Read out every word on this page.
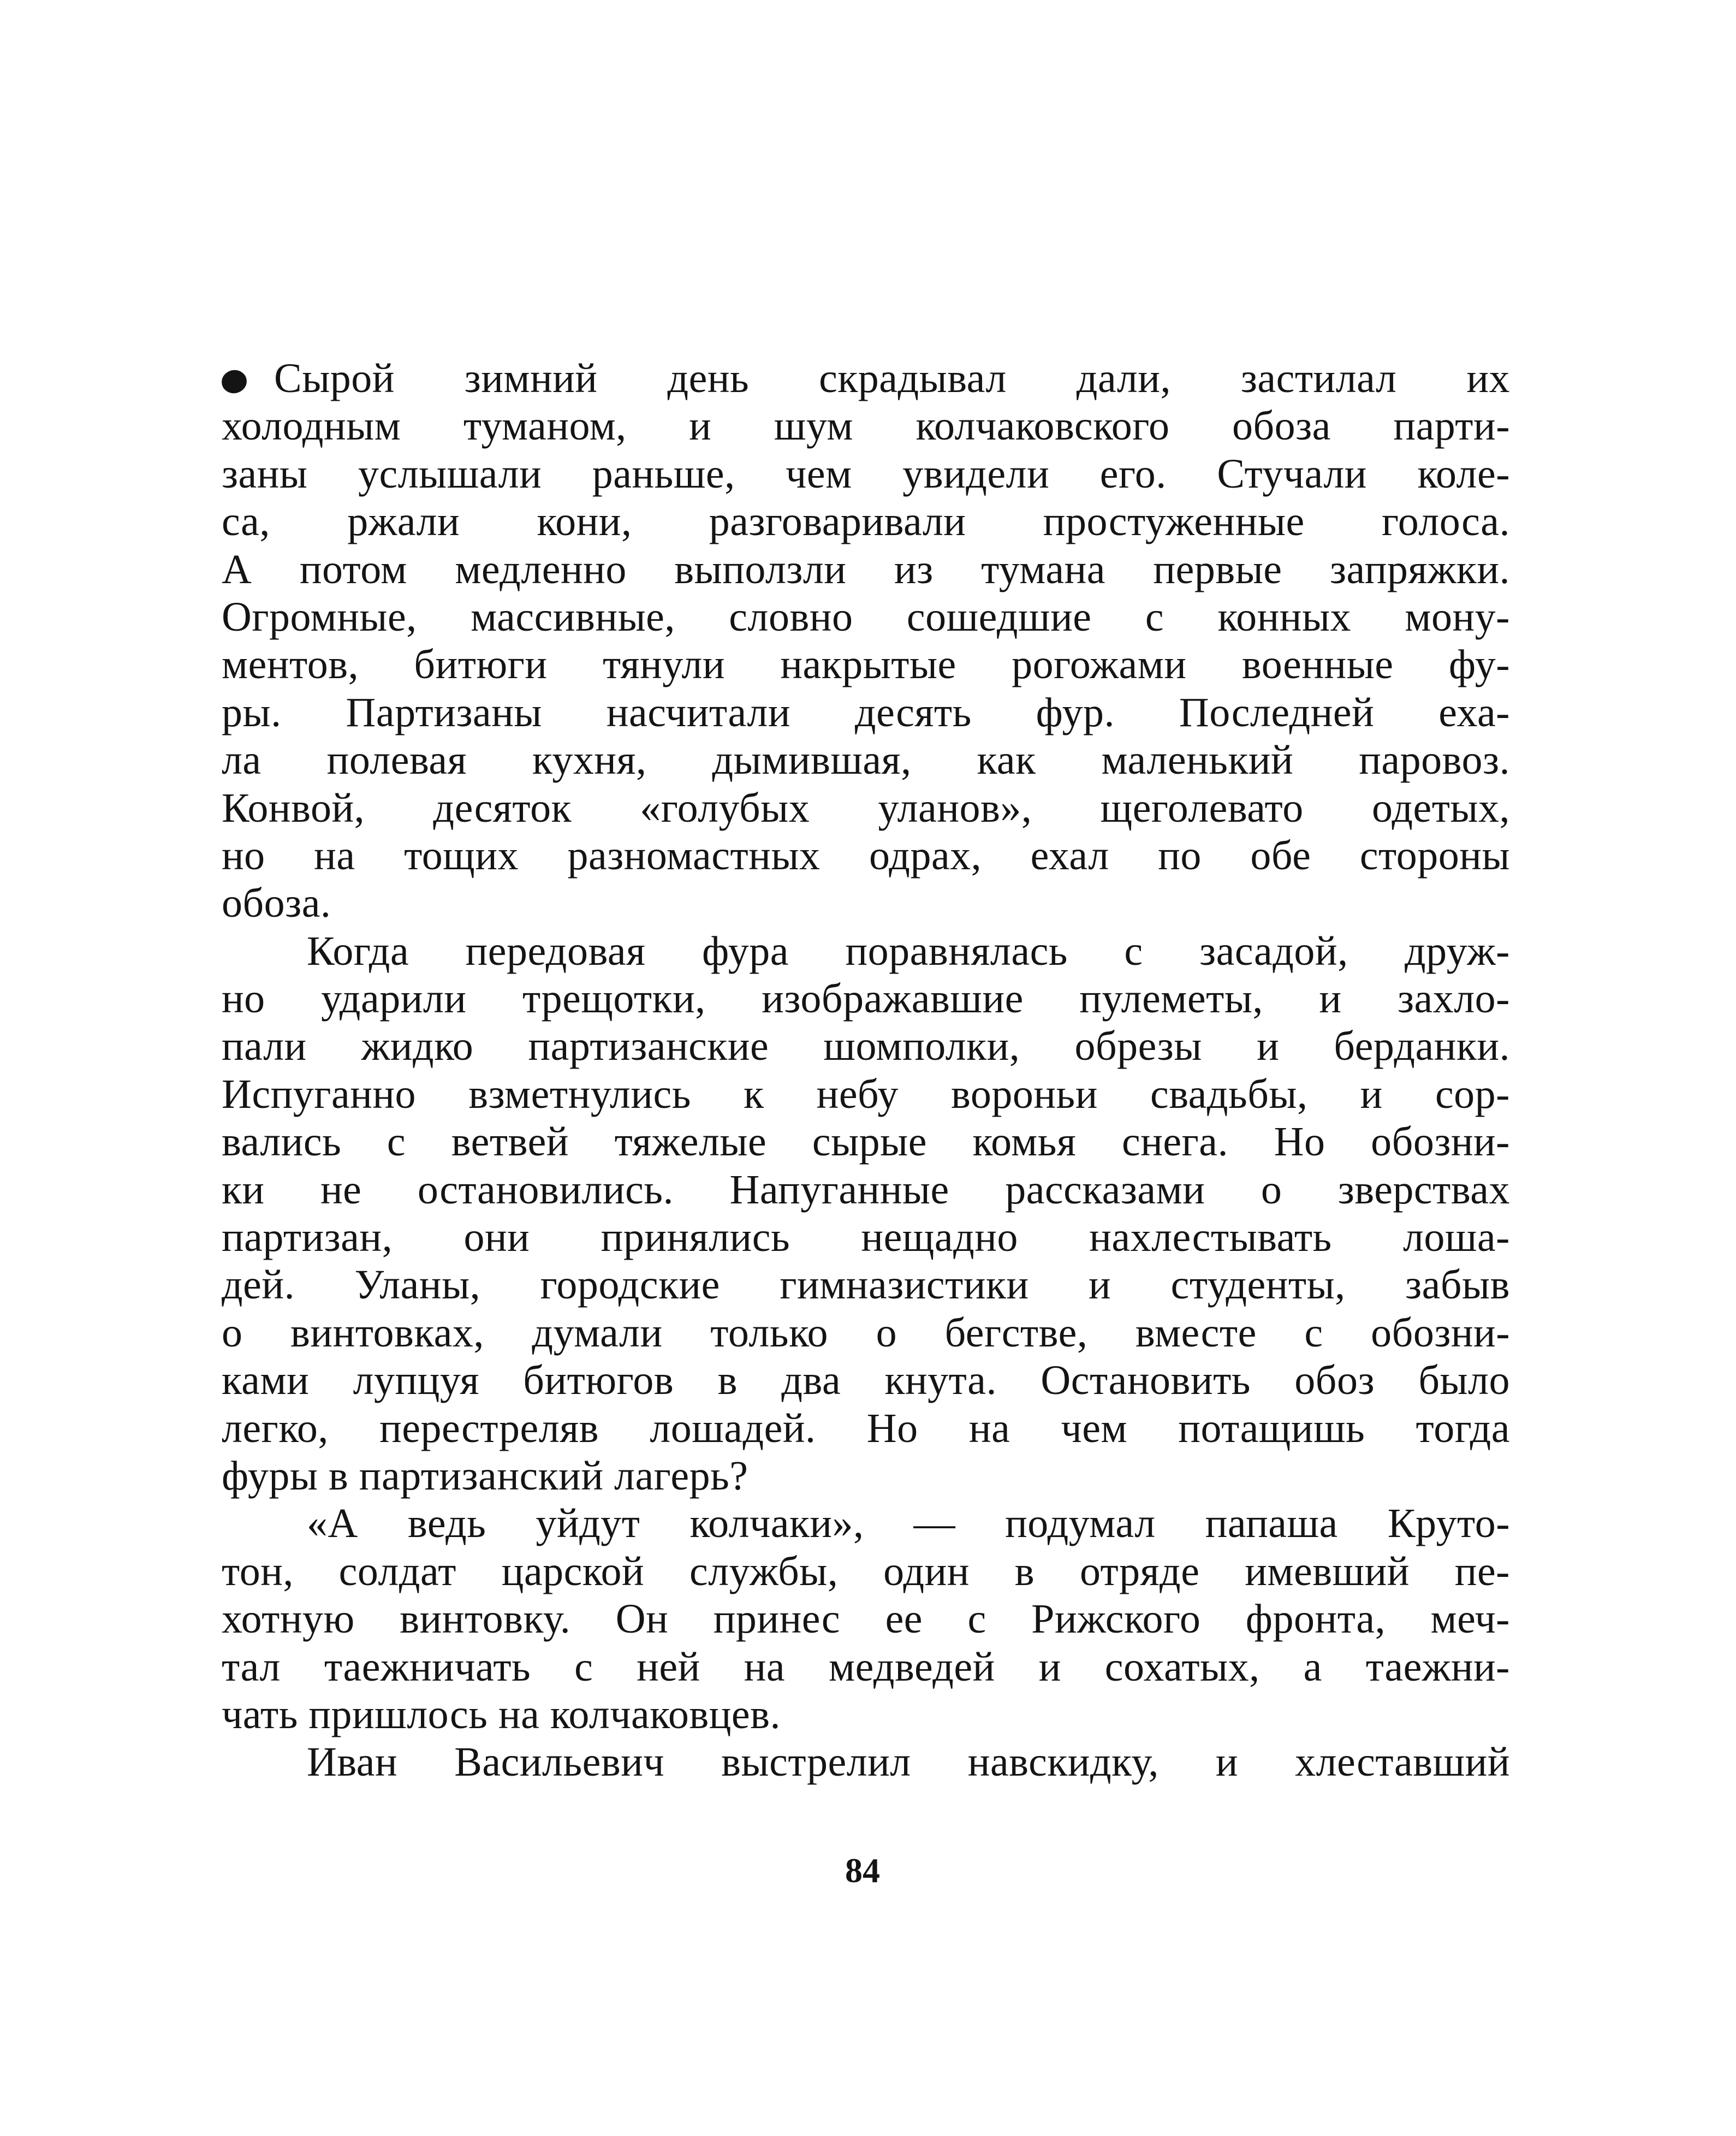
Сырой зимний день скрадывал дали, застилал их
холодным туманом, и шум колчаковского обоза парти-
заны услышали раньше, чем увидели его. Стучали коле-
са, ржали кони, разговаривали простуженные голоса.
А потом медленно выползли из тумана первые запряжки.
Огромные, массивные, словно сошедшие с конных мону-
ментов, битюги тянули накрытые рогожами военные фу-
ры. Партизаны насчитали десять фур. Последней еха-
ла полевая кухня, дымившая, как маленький паровоз.
Конвой, десяток «голубых уланов», щеголевато одетых,
но на тощих разномастных одрах, ехал по обе стороны
обоза.
Когда передовая фура поравнялась с засадой, друж-
но ударили трещотки, изображавшие пулеметы, и захло-
пали жидко партизанские шомполки, обрезы и берданки.
Испуганно взметнулись к небу вороньи свадьбы, и сор-
вались с ветвей тяжелые сырые комья снега. Но обозни-
ки не остановились. Напуганные рассказами о зверствах
партизан, они принялись нещадно нахлестывать лоша-
дей. Уланы, городские гимназистики и студенты, забыв
о винтовках, думали только о бегстве, вместе с обозни-
ками лупцуя битюгов в два кнута. Остановить обоз было
легко, перестреляв лошадей. Но на чем потащишь тогда
фуры в партизанский лагерь?
«А ведь уйдут колчаки», — подумал папаша Круто-
тон, солдат царской службы, один в отряде имевший пе-
хотную винтовку. Он принес ее с Рижского фронта, меч-
тал таежничать с ней на медведей и сохатых, а таежни-
чать пришлось на колчаковцев.
Иван Васильевич выстрелил навскидку, и хлеставший
84
